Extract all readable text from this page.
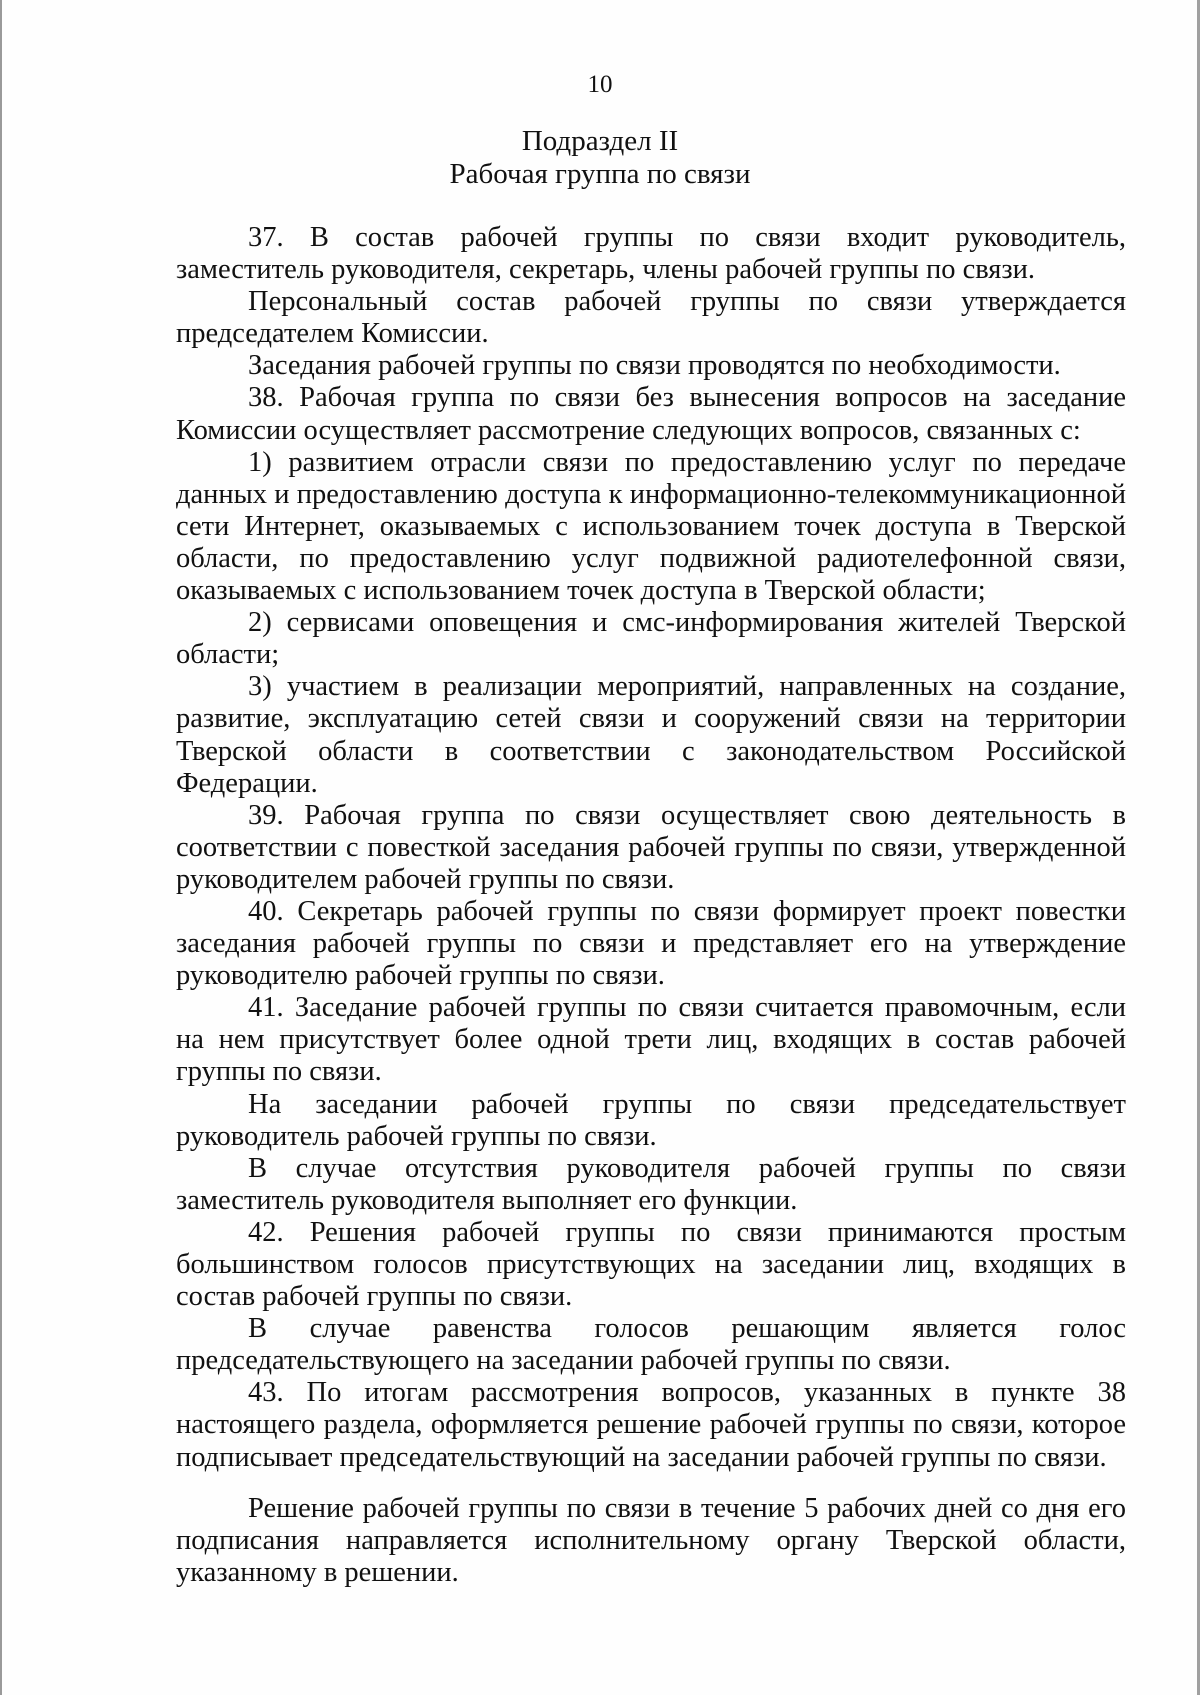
10
Подраздел II
Рабочая группа по связи

37. В состав рабочей группы по связи входит руководитель, заместитель руководителя, секретарь, члены рабочей группы по связи.

Персональный состав рабочей группы по связи утверждается председателем Комиссии.

Заседания рабочей группы по связи проводятся по необходимости.

38. Рабочая группа по связи без вынесения вопросов на заседание Комиссии осуществляет рассмотрение следующих вопросов, связанных с:

1) развитием отрасли связи по предоставлению услуг по передаче данных и предоставлению доступа к информационно-телекоммуникационной сети Интернет, оказываемых с использованием точек доступа в Тверской области, по предоставлению услуг подвижной радиотелефонной связи, оказываемых с использованием точек доступа в Тверской области;

2) сервисами оповещения и смс-информирования жителей Тверской области;

3) участием в реализации мероприятий, направленных на создание, развитие, эксплуатацию сетей связи и сооружений связи на территории Тверской области в соответствии с законодательством Российской Федерации.

39. Рабочая группа по связи осуществляет свою деятельность в соответствии с повесткой заседания рабочей группы по связи, утвержденной руководителем рабочей группы по связи.

40. Секретарь рабочей группы по связи формирует проект повестки заседания рабочей группы по связи и представляет его на утверждение руководителю рабочей группы по связи.

41. Заседание рабочей группы по связи считается правомочным, если на нем присутствует более одной трети лиц, входящих в состав рабочей группы по связи.

На заседании рабочей группы по связи председательствует руководитель рабочей группы по связи.

В случае отсутствия руководителя рабочей группы по связи заместитель руководителя выполняет его функции.

42. Решения рабочей группы по связи принимаются простым большинством голосов присутствующих на заседании лиц, входящих в состав рабочей группы по связи.

В случае равенства голосов решающим является голос председательствующего на заседании рабочей группы по связи.

43. По итогам рассмотрения вопросов, указанных в пункте 38 настоящего раздела, оформляется решение рабочей группы по связи, которое подписывает председательствующий на заседании рабочей группы по связи.

Решение рабочей группы по связи в течение 5 рабочих дней со дня его подписания направляется исполнительному органу Тверской области, указанному в решении.
